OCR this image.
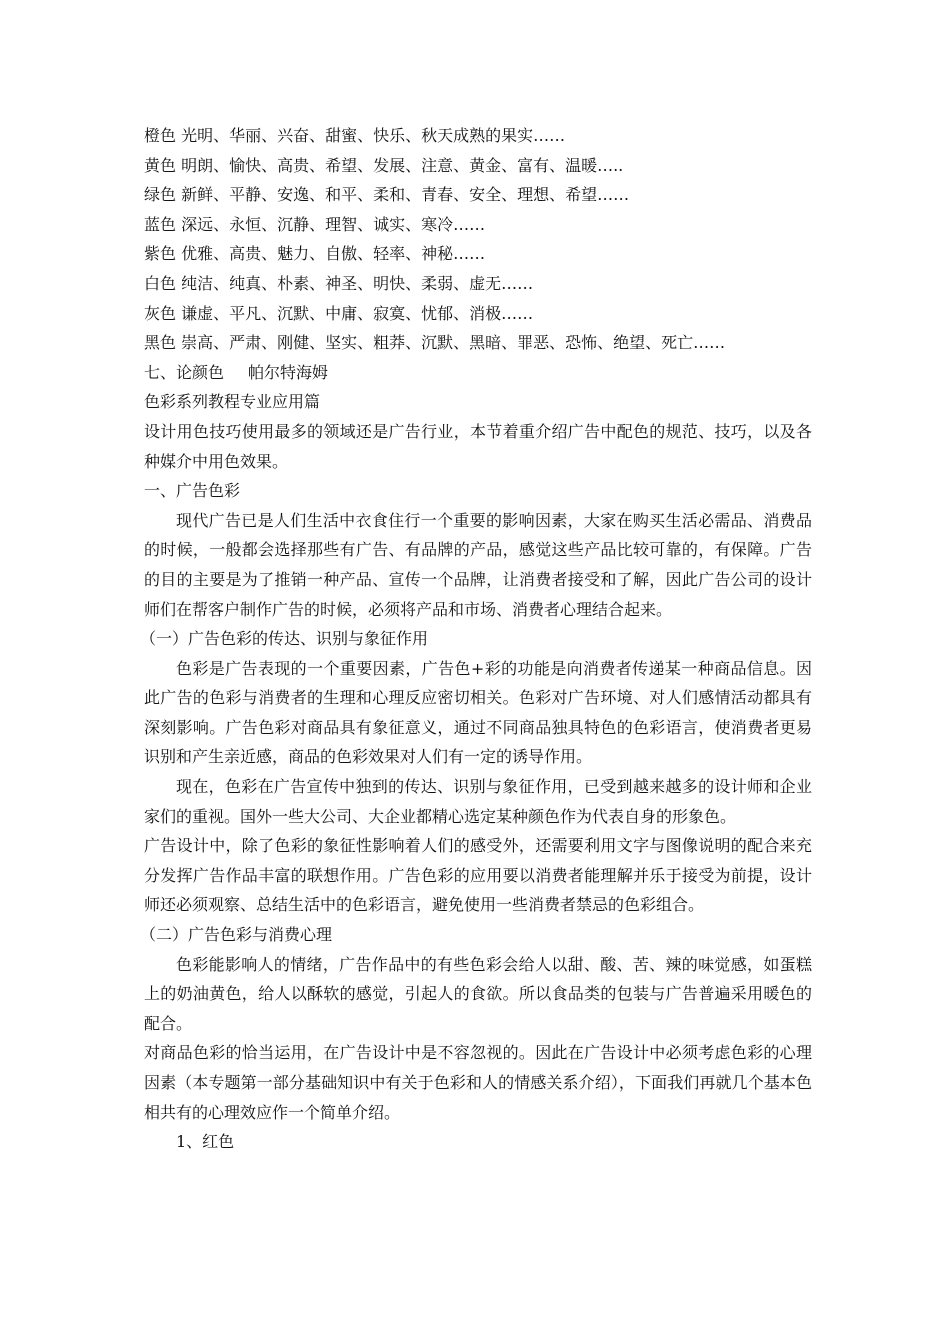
橙色 光明、华丽、兴奋、甜蜜、快乐、秋天成熟的果实……
黄色 明朗、愉快、高贵、希望、发展、注意、黄金、富有、温暖…..
绿色 新鲜、平静、安逸、和平、柔和、青春、安全、理想、希望……
蓝色 深远、永恒、沉静、理智、诚实、寒冷……
紫色 优雅、高贵、魅力、自傲、轻率、神秘……
白色 纯洁、纯真、朴素、神圣、明快、柔弱、虚无……
灰色 谦虚、平凡、沉默、中庸、寂寞、忧郁、消极……
黑色 崇高、严肃、刚健、坚实、粗莽、沉默、黑暗、罪恶、恐怖、绝望、死亡……
七、论颜色 帕尔特海姆
色彩系列教程专业应用篇
设计用色技巧使用最多的领域还是广告行业，本节着重介绍广告中配色的规范、技巧，以及各种媒介中用色效果。
一、广告色彩
现代广告已是人们生活中衣食住行一个重要的影响因素，大家在购买生活必需品、消费品的时候，一般都会选择那些有广告、有品牌的产品，感觉这些产品比较可靠的，有保障。广告的目的主要是为了推销一种产品、宣传一个品牌，让消费者接受和了解，因此广告公司的设计师们在帮客户制作广告的时候，必须将产品和市场、消费者心理结合起来。
（一）广告色彩的传达、识别与象征作用
色彩是广告表现的一个重要因素，广告色+彩的功能是向消费者传递某一种商品信息。因此广告的色彩与消费者的生理和心理反应密切相关。色彩对广告环境、对人们感情活动都具有深刻影响。广告色彩对商品具有象征意义，通过不同商品独具特色的色彩语言，使消费者更易识别和产生亲近感，商品的色彩效果对人们有一定的诱导作用。
现在，色彩在广告宣传中独到的传达、识别与象征作用，已受到越来越多的设计师和企业家们的重视。国外一些大公司、大企业都精心选定某种颜色作为代表自身的形象色。
广告设计中，除了色彩的象征性影响着人们的感受外，还需要利用文字与图像说明的配合来充分发挥广告作品丰富的联想作用。广告色彩的应用要以消费者能理解并乐于接受为前提，设计师还必须观察、总结生活中的色彩语言，避免使用一些消费者禁忌的色彩组合。
（二）广告色彩与消费心理
色彩能影响人的情绪，广告作品中的有些色彩会给人以甜、酸、苦、辣的味觉感，如蛋糕上的奶油黄色，给人以酥软的感觉，引起人的食欲。所以食品类的包装与广告普遍采用暖色的配合。
对商品色彩的恰当运用，在广告设计中是不容忽视的。因此在广告设计中必须考虑色彩的心理因素（本专题第一部分基础知识中有关于色彩和人的情感关系介绍），下面我们再就几个基本色相共有的心理效应作一个简单介绍。
1、红色
